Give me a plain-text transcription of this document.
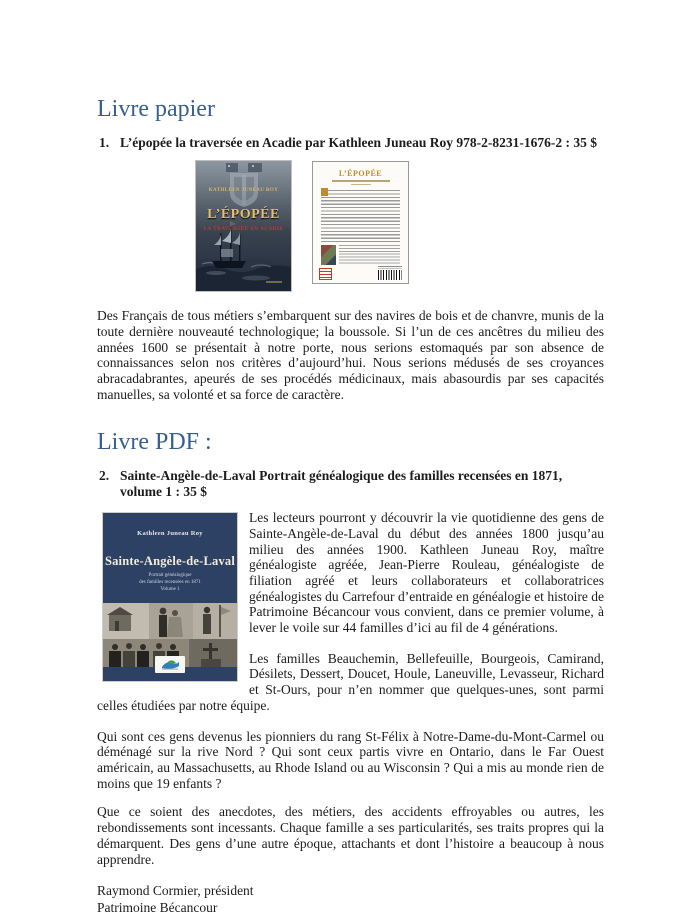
Livre papier
1. L’épopée la traversée en Acadie par Kathleen Juneau Roy 978-2-8231-1676-2 : 35 $
KATHLEEN JUNEAU ROY
L’ÉPOPÉE
LA TRAVERSÉE EN ACADIE
L’ÉPOPÉE

Des Français de tous métiers s’embarquent sur des navires de bois et de chanvre, munis de la toute dernière nouveauté technologique; la boussole. Si l’un de ces ancêtres du milieu des années 1600 se présentait à notre porte, nous serions estomaqués par son absence de connaissances selon nos critères d’aujourd’hui. Nous serions médusés de ses croyances abracadabrantes, apeurés de ses procédés médicinaux, mais abasourdis par ses capacités manuelles, sa volonté et sa force de caractère.

Livre PDF :
2. Sainte-Angèle-de-Laval Portrait généalogique des familles recensées en 1871, volume 1 : 35 $
Kathleen Juneau Roy
Sainte-Angèle-de-Laval
Portrait généalogique
des familles recensées en 1871
Volume 1

Les lecteurs pourront y découvrir la vie quotidienne des gens de Sainte-Angèle-de-Laval du début des années 1800 jusqu’au milieu des années 1900. Kathleen Juneau Roy, maître généalogiste agréée, Jean-Pierre Rouleau, généalogiste de filiation agréé et leurs collaborateurs et collaboratrices généalogistes du Carrefour d’entraide en généalogie et histoire de Patrimoine Bécancour vous convient, dans ce premier volume, à lever le voile sur 44 familles d’ici au fil de 4 générations.

Les familles Beauchemin, Bellefeuille, Bourgeois, Camirand, Désilets, Dessert, Doucet, Houle, Laneuville, Levasseur, Richard et St-Ours, pour n’en nommer que quelques-unes, sont parmi celles étudiées par notre équipe.

Qui sont ces gens devenus les pionniers du rang St-Félix à Notre-Dame-du-Mont-Carmel ou déménagé sur la rive Nord ? Qui sont ceux partis vivre en Ontario, dans le Far Ouest américain, au Massachusetts, au Rhode Island ou au Wisconsin ? Qui a mis au monde rien de moins que 19 enfants ?

Que ce soient des anecdotes, des métiers, des accidents effroyables ou autres, les rebondissements sont incessants. Chaque famille a ses particularités, ses traits propres qui la démarquent. Des gens d’une autre époque, attachants et dont l’histoire a beaucoup à nous apprendre.

Raymond Cormier, président
Patrimoine Bécancour
